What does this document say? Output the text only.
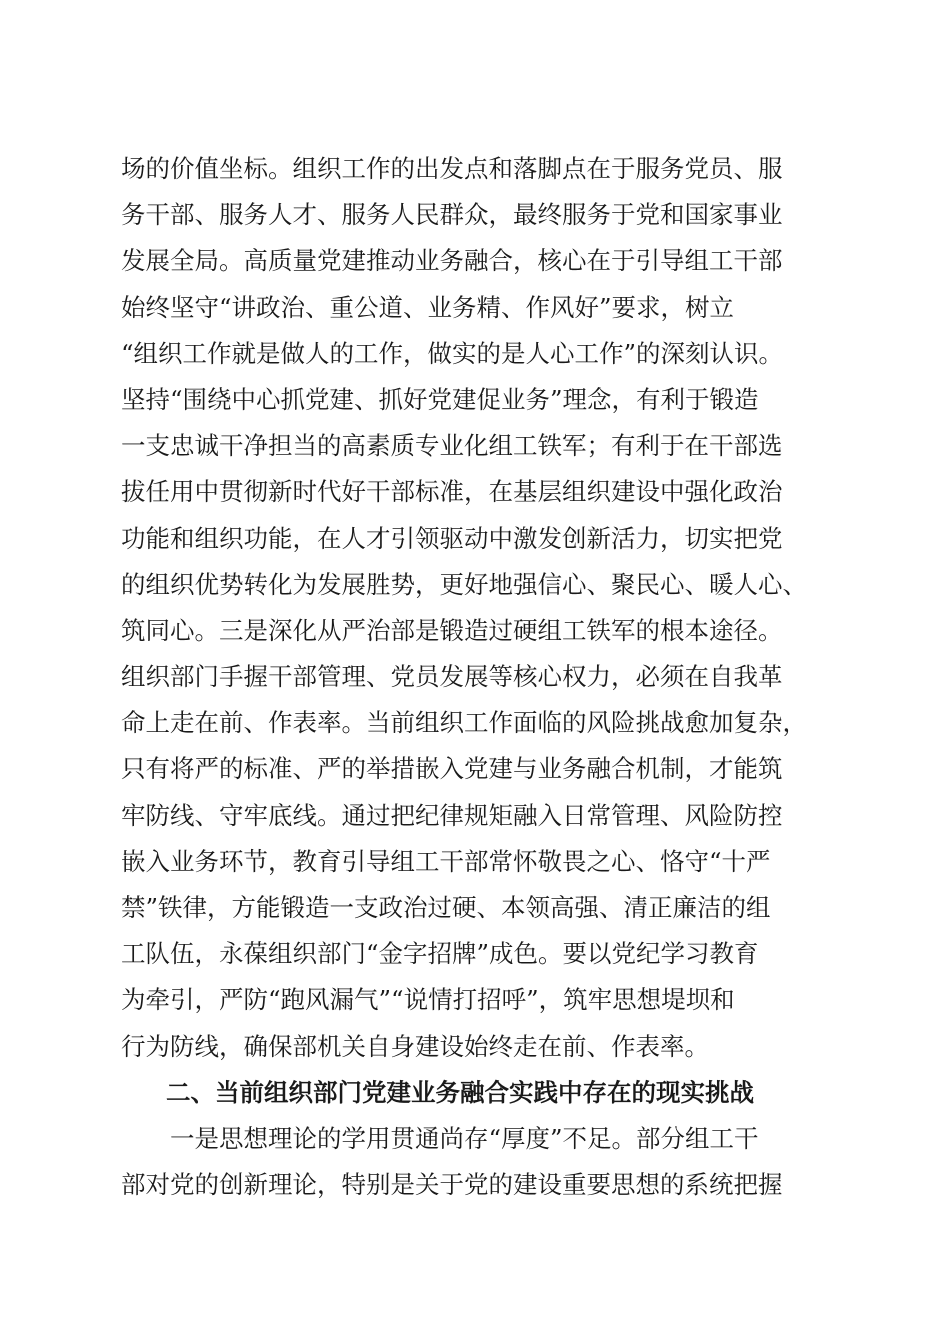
场的价值坐标。组织工作的出发点和落脚点在于服务党员、服
务干部、服务人才、服务人民群众，最终服务于党和国家事业
发展全局。高质量党建推动业务融合，核心在于引导组工干部
始终坚守“讲政治、重公道、业务精、作风好”要求，树立
“组织工作就是做人的工作，做实的是人心工作”的深刻认识。
坚持“围绕中心抓党建、抓好党建促业务”理念，有利于锻造
一支忠诚干净担当的高素质专业化组工铁军；有利于在干部选
拔任用中贯彻新时代好干部标准，在基层组织建设中强化政治
功能和组织功能，在人才引领驱动中激发创新活力，切实把党
的组织优势转化为发展胜势，更好地强信心、聚民心、暖人心、
筑同心。三是深化从严治部是锻造过硬组工铁军的根本途径。
组织部门手握干部管理、党员发展等核心权力，必须在自我革
命上走在前、作表率。当前组织工作面临的风险挑战愈加复杂，
只有将严的标准、严的举措嵌入党建与业务融合机制，才能筑
牢防线、守牢底线。通过把纪律规矩融入日常管理、风险防控
嵌入业务环节，教育引导组工干部常怀敬畏之心、恪守“十严
禁”铁律，方能锻造一支政治过硬、本领高强、清正廉洁的组
工队伍，永葆组织部门“金字招牌”成色。要以党纪学习教育
为牵引，严防“跑风漏气”“说情打招呼”，筑牢思想堤坝和
行为防线，确保部机关自身建设始终走在前、作表率。
二、当前组织部门党建业务融合实践中存在的现实挑战
一是思想理论的学用贯通尚存“厚度”不足。部分组工干
部对党的创新理论，特别是关于党的建设重要思想的系统把握
